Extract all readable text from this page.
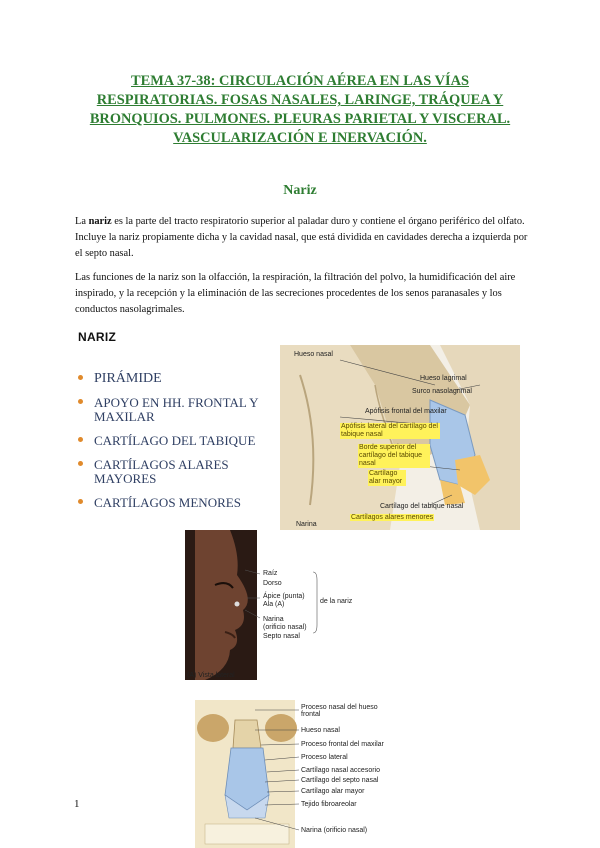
TEMA 37-38: CIRCULACIÓN AÉREA EN LAS VÍAS RESPIRATORIAS. FOSAS NASALES, LARINGE, TRÁQUEA Y BRONQUIOS. PULMONES. PLEURAS PARIETAL Y VISCERAL. VASCULARIZACIÓN E INERVACIÓN.
Nariz

La nariz es la parte del tracto respiratorio superior al paladar duro y contiene el órgano periférico del olfato. Incluye la nariz propiamente dicha y la cavidad nasal, que está dividida en cavidades derecha a izquierda por el septo nasal.

Las funciones de la nariz son la olfacción, la respiración, la filtración del polvo, la humidificación del aire inspirado, y la recepción y la eliminación de las secreciones procedentes de los senos paranasales y los conductos nasolagrimales.

NARIZ
PIRÁMIDE
APOYO EN HH. FRONTAL Y MAXILAR
CARTÍLAGO DEL TABIQUE
CARTÍLAGOS ALARES MAYORES
CARTÍLAGOS MENORES
Hueso nasal
Hueso lagrimal
Surco nasolagrimal
Apófisis frontal del maxilar
Apófisis lateral del cartílago del tabique nasal
Borde superior del cartílago del tabique nasal
Cartílago alar mayor
Cartílago del tabique nasal
Cartílagos alares menores
Narina
Raíz
Dorso
Ápice (punta)
Ala (A)
Narina
(orificio nasal)
Septo nasal
de la nariz
(A) Vista lateral
Proceso nasal del hueso frontal
Hueso nasal
Proceso frontal del maxilar
Proceso lateral
Cartílago nasal accesorio
Cartílago del septo nasal
Cartílago alar mayor
Tejido fibroareolar
Narina (orificio nasal)
1
